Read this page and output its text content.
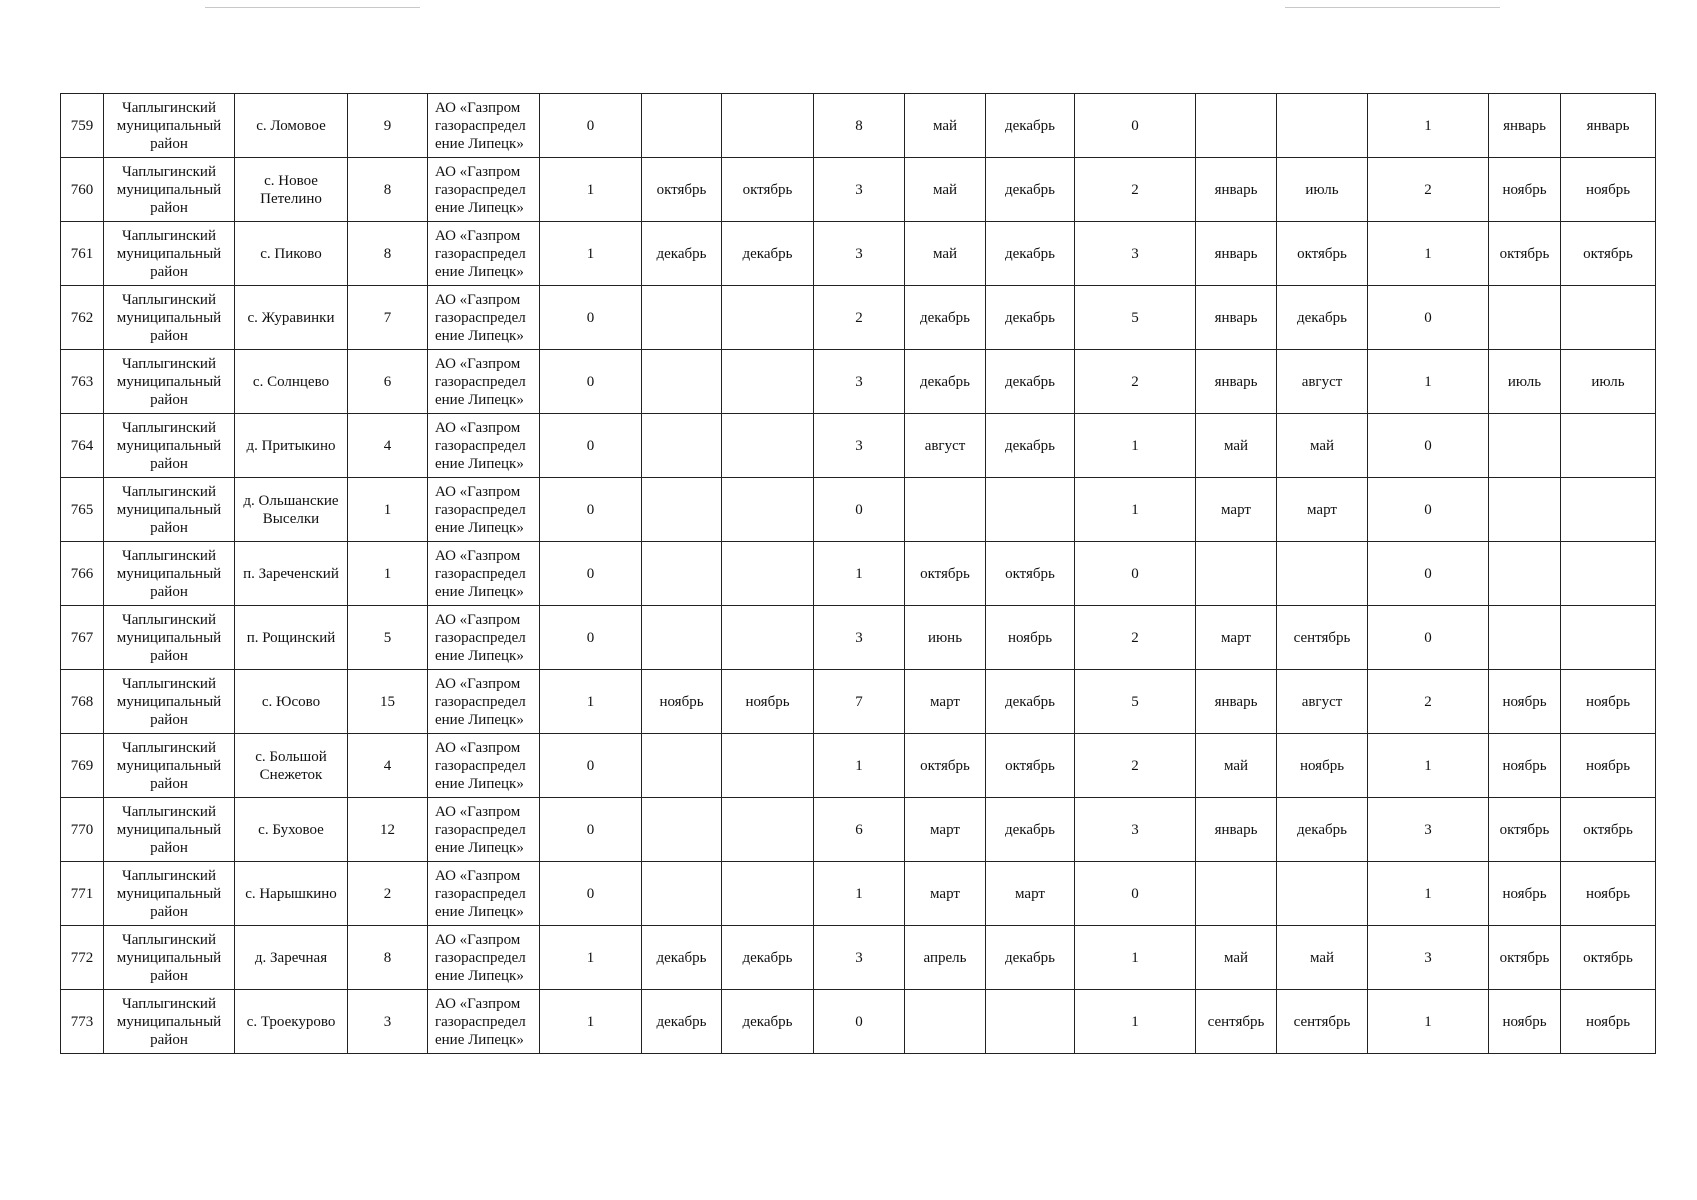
759	Чаплыгинский муниципальный район	с. Ломовое	9	АО «Газпром газораспредел ение Липецк»	0			8	май	декабрь	0			1	январь	январь
760	Чаплыгинский муниципальный район	с. Новое Петелино	8	АО «Газпром газораспредел ение Липецк»	1	октябрь	октябрь	3	май	декабрь	2	январь	июль	2	ноябрь	ноябрь
761	Чаплыгинский муниципальный район	с. Пиково	8	АО «Газпром газораспредел ение Липецк»	1	декабрь	декабрь	3	май	декабрь	3	январь	октябрь	1	октябрь	октябрь
762	Чаплыгинский муниципальный район	с. Журавинки	7	АО «Газпром газораспредел ение Липецк»	0			2	декабрь	декабрь	5	январь	декабрь	0		
763	Чаплыгинский муниципальный район	с. Солнцево	6	АО «Газпром газораспредел ение Липецк»	0			3	декабрь	декабрь	2	январь	август	1	июль	июль
764	Чаплыгинский муниципальный район	д. Притыкино	4	АО «Газпром газораспредел ение Липецк»	0			3	август	декабрь	1	май	май	0		
765	Чаплыгинский муниципальный район	д. Ольшанские Выселки	1	АО «Газпром газораспредел ение Липецк»	0			0			1	март	март	0		
766	Чаплыгинский муниципальный район	п. Зареченский	1	АО «Газпром газораспредел ение Липецк»	0			1	октябрь	октябрь	0			0		
767	Чаплыгинский муниципальный район	п. Рощинский	5	АО «Газпром газораспредел ение Липецк»	0			3	июнь	ноябрь	2	март	сентябрь	0		
768	Чаплыгинский муниципальный район	с. Юсово	15	АО «Газпром газораспредел ение Липецк»	1	ноябрь	ноябрь	7	март	декабрь	5	январь	август	2	ноябрь	ноябрь
769	Чаплыгинский муниципальный район	с. Большой Снежеток	4	АО «Газпром газораспредел ение Липецк»	0			1	октябрь	октябрь	2	май	ноябрь	1	ноябрь	ноябрь
770	Чаплыгинский муниципальный район	с. Буховое	12	АО «Газпром газораспредел ение Липецк»	0			6	март	декабрь	3	январь	декабрь	3	октябрь	октябрь
771	Чаплыгинский муниципальный район	с. Нарышкино	2	АО «Газпром газораспредел ение Липецк»	0			1	март	март	0			1	ноябрь	ноябрь
772	Чаплыгинский муниципальный район	д. Заречная	8	АО «Газпром газораспредел ение Липецк»	1	декабрь	декабрь	3	апрель	декабрь	1	май	май	3	октябрь	октябрь
773	Чаплыгинский муниципальный район	с. Троекурово	3	АО «Газпром газораспредел ение Липецк»	1	декабрь	декабрь	0			1	сентябрь	сентябрь	1	ноябрь	ноябрь
